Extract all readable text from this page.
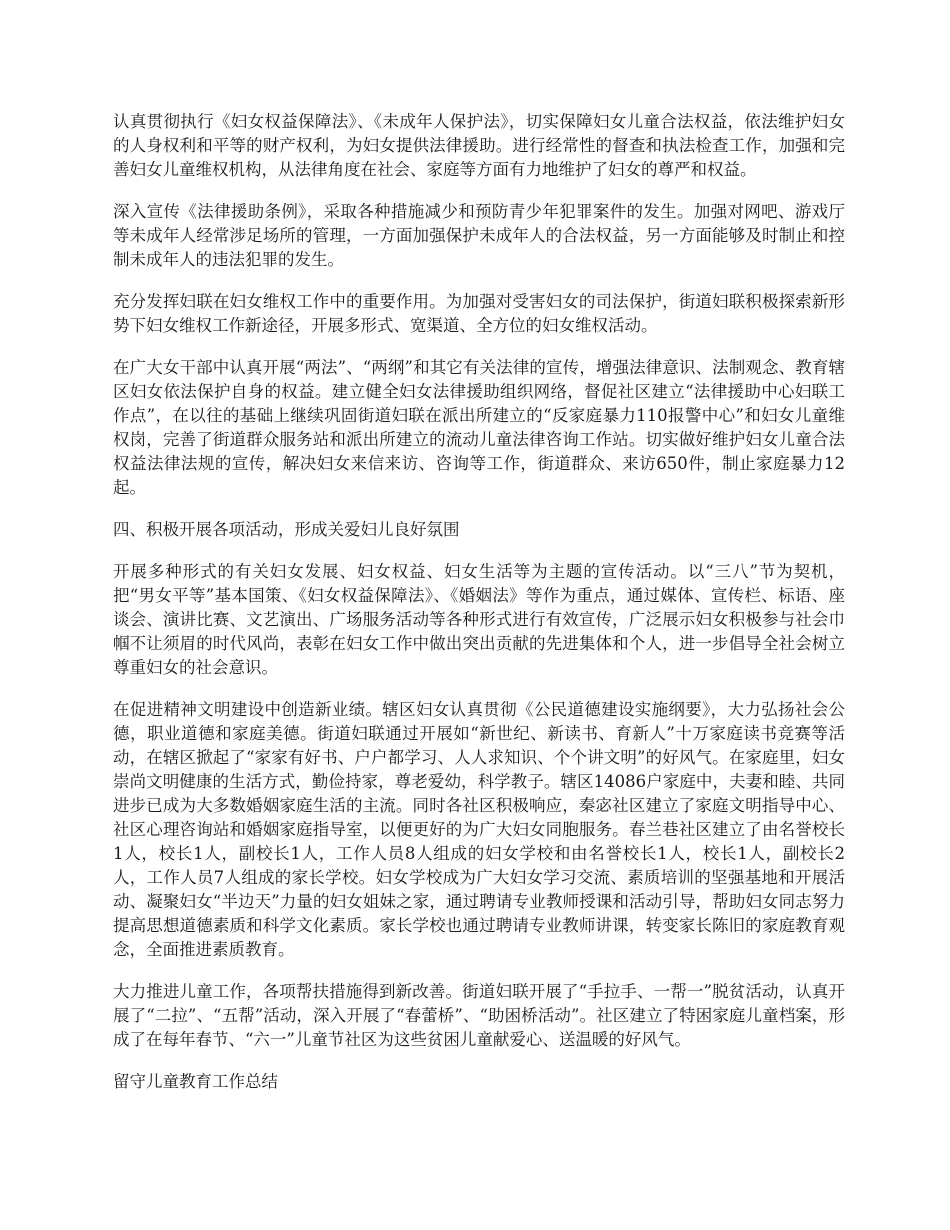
认真贯彻执行《妇女权益保障法》、《未成年人保护法》，切实保障妇女儿童合法权益，依法维护妇女的人身权利和平等的财产权利，为妇女提供法律援助。进行经常性的督查和执法检查工作，加强和完善妇女儿童维权机构，从法律角度在社会、家庭等方面有力地维护了妇女的尊严和权益。

深入宣传《法律援助条例》，采取各种措施减少和预防青少年犯罪案件的发生。加强对网吧、游戏厅等未成年人经常涉足场所的管理，一方面加强保护未成年人的合法权益，另一方面能够及时制止和控制未成年人的违法犯罪的发生。

充分发挥妇联在妇女维权工作中的重要作用。为加强对受害妇女的司法保护，街道妇联积极探索新形势下妇女维权工作新途径，开展多形式、宽渠道、全方位的妇女维权活动。

在广大女干部中认真开展“两法”、“两纲”和其它有关法律的宣传，增强法律意识、法制观念、教育辖区妇女依法保护自身的权益。建立健全妇女法律援助组织网络，督促社区建立“法律援助中心妇联工作点”，在以往的基础上继续巩固街道妇联在派出所建立的“反家庭暴力110报警中心”和妇女儿童维权岗，完善了街道群众服务站和派出所建立的流动儿童法律咨询工作站。切实做好维护妇女儿童合法权益法律法规的宣传，解决妇女来信来访、咨询等工作，街道群众、来访650件，制止家庭暴力12起。

四、积极开展各项活动，形成关爱妇儿良好氛围

开展多种形式的有关妇女发展、妇女权益、妇女生活等为主题的宣传活动。以“三八”节为契机，把“男女平等”基本国策、《妇女权益保障法》、《婚姻法》等作为重点，通过媒体、宣传栏、标语、座谈会、演讲比赛、文艺演出、广场服务活动等各种形式进行有效宣传，广泛展示妇女积极参与社会巾帼不让须眉的时代风尚，表彰在妇女工作中做出突出贡献的先进集体和个人，进一步倡导全社会树立尊重妇女的社会意识。

在促进精神文明建设中创造新业绩。辖区妇女认真贯彻《公民道德建设实施纲要》，大力弘扬社会公德，职业道德和家庭美德。街道妇联通过开展如“新世纪、新读书、育新人”十万家庭读书竞赛等活动，在辖区掀起了“家家有好书、户户都学习、人人求知识、个个讲文明”的好风气。在家庭里，妇女崇尚文明健康的生活方式，勤俭持家，尊老爱幼，科学教子。辖区14086户家庭中，夫妻和睦、共同进步已成为大多数婚姻家庭生活的主流。同时各社区积极响应，秦宓社区建立了家庭文明指导中心、社区心理咨询站和婚姻家庭指导室，以便更好的为广大妇女同胞服务。春兰巷社区建立了由名誉校长1人，校长1人，副校长1人，工作人员8人组成的妇女学校和由名誉校长1人，校长1人，副校长2人，工作人员7人组成的家长学校。妇女学校成为广大妇女学习交流、素质培训的坚强基地和开展活动、凝聚妇女“半边天”力量的妇女姐妹之家，通过聘请专业教师授课和活动引导，帮助妇女同志努力提高思想道德素质和科学文化素质。家长学校也通过聘请专业教师讲课，转变家长陈旧的家庭教育观念，全面推进素质教育。

大力推进儿童工作，各项帮扶措施得到新改善。街道妇联开展了“手拉手、一帮一”脱贫活动，认真开展了“二拉”、“五帮”活动，深入开展了“春蕾桥”、“助困桥活动”。社区建立了特困家庭儿童档案，形成了在每年春节、“六一”儿童节社区为这些贫困儿童献爱心、送温暖的好风气。

留守儿童教育工作总结
